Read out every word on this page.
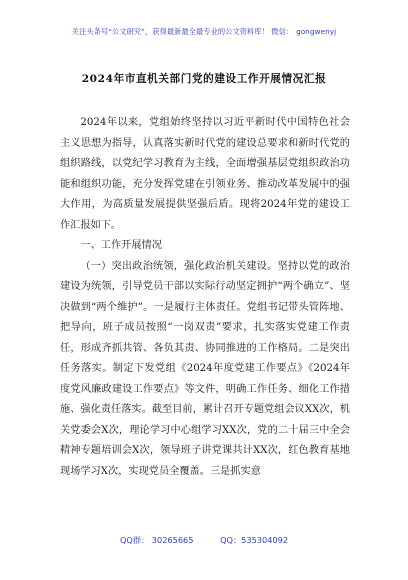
关注头条号“公文研究”，获得最新最全最专业的公文资料库！ 微信： gongwenyj
2024年市直机关部门党的建设工作开展情况汇报

2024年以来，党组始终坚持以习近平新时代中国特色社会主义思想为指导，认真落实新时代党的建设总要求和新时代党的组织路线，以党纪学习教育为主线，全面增强基层党组织政治功能和组织功能，充分发挥党建在引领业务、推动改革发展中的强大作用，为高质量发展提供坚强后盾。现将2024年党的建设工作汇报如下。

一、工作开展情况

（一）突出政治统领，强化政治机关建设。坚持以党的政治建设为统领，引导党员干部以实际行动坚定拥护“两个确立”、坚决做到“两个维护”。一是履行主体责任。党组书记带头管阵地、把导向，班子成员按照“一岗双责”要求，扎实落实党建工作责任，形成齐抓共管、各负其责、协同推进的工作格局。二是突出任务落实。制定下发党组《2024年度党建工作要点》《2024年度党风廉政建设工作要点》等文件，明确工作任务、细化工作措施、强化责任落实。截至目前，累计召开专题党组会议XX次，机关党委会X次，理论学习中心组学习XX次，党的二十届三中全会精神专题培训会X次，领导班子讲党课共计XX次，红色教育基地现场学习X次，实现党员全覆盖。三是抓实意

QQ群： 30265665	QQ：535304092
